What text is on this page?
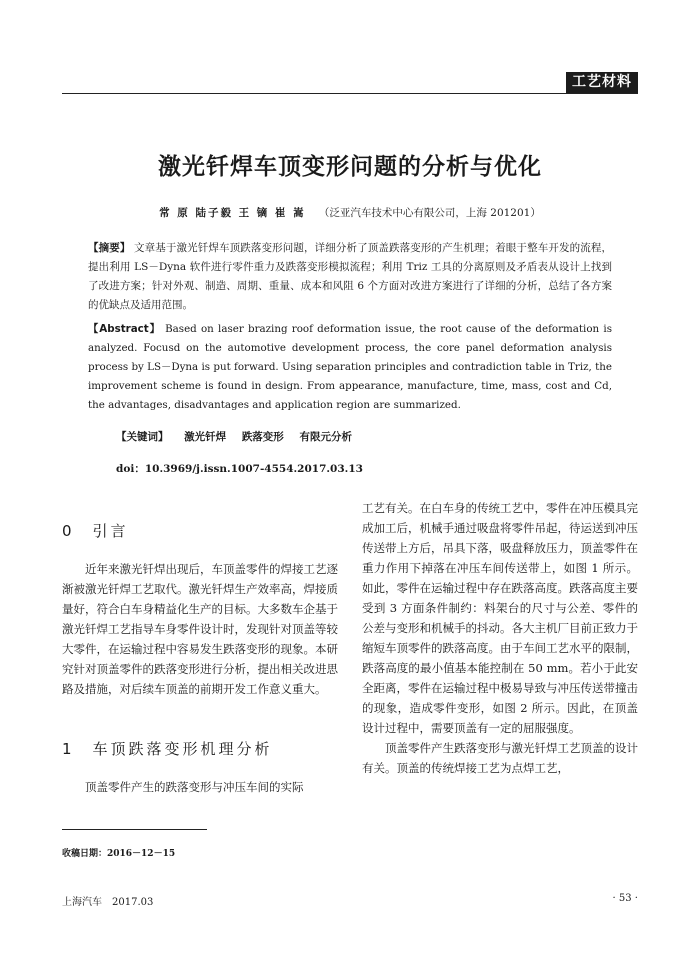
工艺材料
激光钎焊车顶变形问题的分析与优化
常 原 陆子毅 王 镝 崔 嵩 （泛亚汽车技术中心有限公司，上海 201201）
【摘要】 文章基于激光钎焊车顶跌落变形问题，详细分析了顶盖跌落变形的产生机理；着眼于整车开发的流程，提出利用 LS－Dyna 软件进行零件重力及跌落变形模拟流程；利用 Triz 工具的分离原则及矛盾表从设计上找到了改进方案；针对外观、制造、周期、重量、成本和风阻 6 个方面对改进方案进行了详细的分析，总结了各方案的优缺点及适用范围。
【Abstract】 Based on laser brazing roof deformation issue, the root cause of the deformation is analyzed. Focusd on the automotive development process, the core panel deformation analysis process by LS－Dyna is put forward. Using separation principles and contradiction table in Triz, the improvement scheme is found in design. From appearance, manufacture, time, mass, cost and Cd, the advantages, disadvantages and application region are summarized.
【关键词】 激光钎焊 跌落变形 有限元分析
doi：10.3969/j.issn.1007-4554.2017.03.13
0　引言

近年来激光钎焊出现后，车顶盖零件的焊接工艺逐渐被激光钎焊工艺取代。激光钎焊生产效率高，焊接质量好，符合白车身精益化生产的目标。大多数车企基于激光钎焊工艺指导车身零件设计时，发现针对顶盖等较大零件，在运输过程中容易发生跌落变形的现象。本研究针对顶盖零件的跌落变形进行分析，提出相关改进思路及措施，对后续车顶盖的前期开发工作意义重大。

1　车顶跌落变形机理分析

顶盖零件产生的跌落变形与冲压车间的实际

工艺有关。在白车身的传统工艺中，零件在冲压模具完成加工后，机械手通过吸盘将零件吊起，待运送到冲压传送带上方后，吊具下落，吸盘释放压力，顶盖零件在重力作用下掉落在冲压车间传送带上，如图 1 所示。如此，零件在运输过程中存在跌落高度。跌落高度主要受到 3 方面条件制约：料架台的尺寸与公差、零件的公差与变形和机械手的抖动。各大主机厂目前正致力于缩短车顶零件的跌落高度。由于车间工艺水平的限制，跌落高度的最小值基本能控制在 50 mm。若小于此安全距离，零件在运输过程中极易导致与冲压传送带撞击的现象，造成零件变形，如图 2 所示。因此，在顶盖设计过程中，需要顶盖有一定的屈服强度。

顶盖零件产生跌落变形与激光钎焊工艺顶盖的设计有关。顶盖的传统焊接工艺为点焊工艺，

收稿日期：2016－12－15
上海汽车　2017.03	· 53 ·
